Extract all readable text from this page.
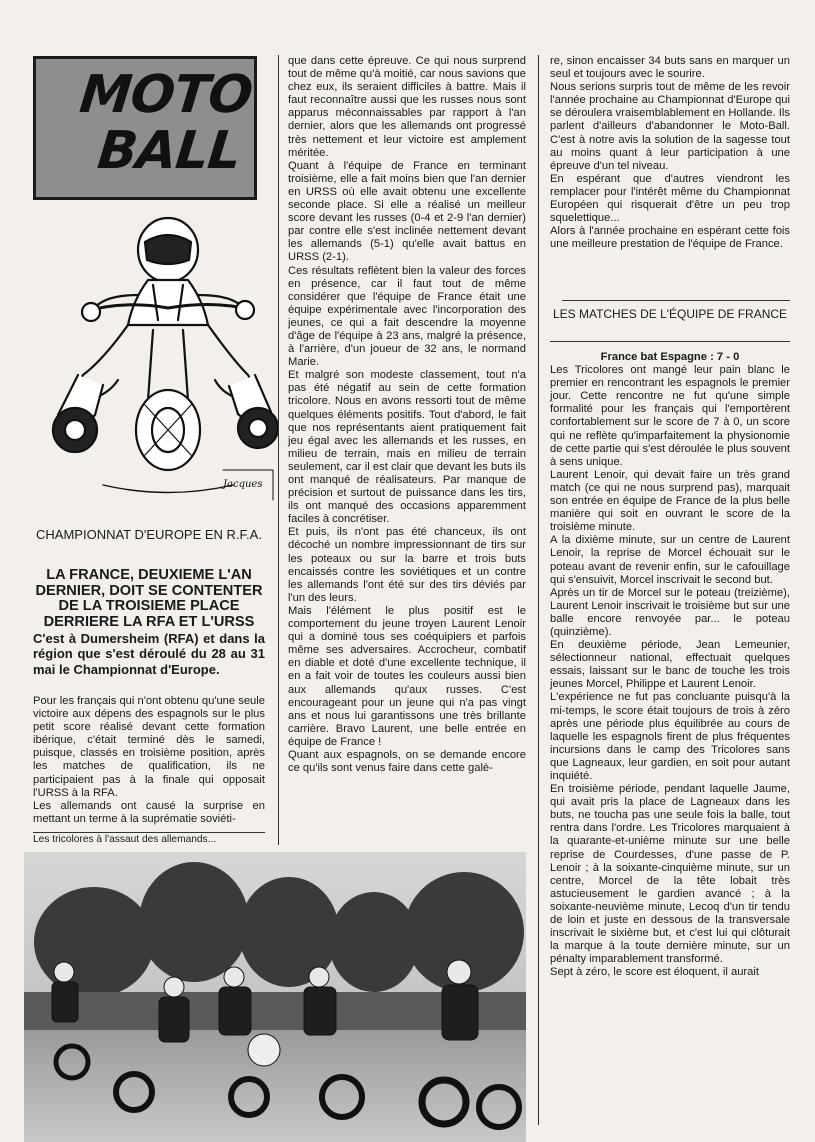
MOTO
BALL
Jacques
CHAMPIONNAT D'EUROPE EN R.F.A.
LA FRANCE, DEUXIEME L'AN DERNIER, DOIT SE CONTENTER DE LA TROISIEME PLACE DERRIERE LA RFA ET L'URSS
C'est à Dumersheim (RFA) et dans la région que s'est déroulé du 28 au 31 mai le Championnat d'Europe.

Pour les français qui n'ont obtenu qu'une seule victoire aux dépens des espagnols sur le plus petit score réalisé devant cette formation ibérique, c'était terminé dès le samedi, puisque, classés en troisième position, après les matches de qualification, ils ne participaient pas à la finale qui opposait l'URSS à la RFA.

Les allemands ont causé la surprise en mettant un terme à la suprématie soviéti-

Les tricolores à l'assaut des allemands...

que dans cette épreuve. Ce qui nous surprend tout de même qu'à moitié, car nous savions que chez eux, ils seraient difficiles à battre. Mais il faut reconnaître aussi que les russes nous sont apparus méconnaissables par rapport à l'an dernier, alors que les allemands ont progressé très nettement et leur victoire est amplement méritée.

Quant à l'équipe de France en terminant troisième, elle a fait moins bien que l'an dernier en URSS où elle avait obtenu une excellente seconde place. Si elle a réalisé un meilleur score devant les russes (0-4 et 2-9 l'an dernier) par contre elle s'est inclinée nettement devant les allemands (5-1) qu'elle avait battus en URSS (2-1).

Ces résultats reflètent bien la valeur des forces en présence, car il faut tout de même considérer que l'équipe de France était une équipe expérimentale avec l'incorporation des jeunes, ce qui a fait descendre la moyenne d'âge de l'équipe à 23 ans, malgré la présence, à l'arrière, d'un joueur de 32 ans, le normand Marie.

Et malgré son modeste classement, tout n'a pas été négatif au sein de cette formation tricolore. Nous en avons ressorti tout de même quelques éléments positifs. Tout d'abord, le fait que nos représentants aient pratiquement fait jeu égal avec les allemands et les russes, en milieu de terrain, mais en milieu de terrain seulement, car il est clair que devant les buts ils ont manqué de réalisateurs. Par manque de précision et surtout de puissance dans les tirs, ils ont manqué des occasions apparemment faciles à concrétiser.

Et puis, ils n'ont pas été chanceux, ils ont décoché un nombre impressionnant de tirs sur les poteaux ou sur la barre et trois buts encaissés contre les soviétiques et un contre les allemands l'ont été sur des tirs déviés par l'un des leurs.

Mais l'élément le plus positif est le comportement du jeune troyen Laurent Lenoir qui a dominé tous ses coéquipiers et parfois même ses adversaires. Accrocheur, combatif en diable et doté d'une excellente technique, il en a fait voir de toutes les couleurs aussi bien aux allemands qu'aux russes. C'est encourageant pour un jeune qui n'a pas vingt ans et nous lui garantissons une très brillante carrière. Bravo Laurent, une belle entrée en équipe de France !

Quant aux espagnols, on se demande encore ce qu'ils sont venus faire dans cette galè-

re, sinon encaisser 34 buts sans en marquer un seul et toujours avec le sourire.

Nous serions surpris tout de même de les revoir l'année prochaine au Championnat d'Europe qui se déroulera vraisemblablement en Hollande. Ils parlent d'ailleurs d'abandonner le Moto-Ball. C'est à notre avis la solution de la sagesse tout au moins quant à leur participation à une épreuve d'un tel niveau.

En espérant que d'autres viendront les remplacer pour l'intérêt même du Championnat Européen qui risquerait d'être un peu trop squelettique...

Alors à l'année prochaine en espérant cette fois une meilleure prestation de l'équipe de France.

LES MATCHES DE L'ÉQUIPE DE FRANCE

France bat Espagne : 7 - 0

Les Tricolores ont mangé leur pain blanc le premier en rencontrant les espagnols le premier jour. Cette rencontre ne fut qu'une simple formalité pour les français qui l'emportèrent confortablement sur le score de 7 à 0, un score qui ne reflète qu'imparfaitement la physionomie de cette partie qui s'est déroulée le plus souvent à sens unique.

Laurent Lenoir, qui devait faire un très grand match (ce qui ne nous surprend pas), marquait son entrée en équipe de France de la plus belle manière qui soit en ouvrant le score de la troisième minute.

A la dixième minute, sur un centre de Laurent Lenoir, la reprise de Morcel échouait sur le poteau avant de revenir enfin, sur le cafouillage qui s'ensuivit, Morcel inscrivait le second but.

Après un tir de Morcel sur le poteau (treizième), Laurent Lenoir inscrivait le troisième but sur une balle encore renvoyée par... le poteau (quinzième).

En deuxième période, Jean Lemeunier, sélectionneur national, effectuait quelques essais, laissant sur le banc de touche les trois jeunes Morcel, Philippe et Laurent Lenoir.

L'expérience ne fut pas concluante puisqu'à la mi-temps, le score était toujours de trois à zéro après une période plus équilibrée au cours de laquelle les espagnols firent de plus fréquentes incursions dans le camp des Tricolores sans que Lagneaux, leur gardien, en soit pour autant inquiété.

En troisième période, pendant laquelle Jaume, qui avait pris la place de Lagneaux dans les buts, ne toucha pas une seule fois la balle, tout rentra dans l'ordre. Les Tricolores marquaient à la quarante-et-unième minute sur une belle reprise de Courdesses, d'une passe de P. Lenoir ; à la soixante-cinquième minute, sur un centre, Morcel de la tête lobait très astucieusement le gardien avancé ; à la soixante-neuvième minute, Lecoq d'un tir tendu de loin et juste en dessous de la transversale inscrivait le sixième but, et c'est lui qui clôturait la marque à la toute dernière minute, sur un pénalty imparablement transformé.

Sept à zéro, le score est éloquent, il aurait
